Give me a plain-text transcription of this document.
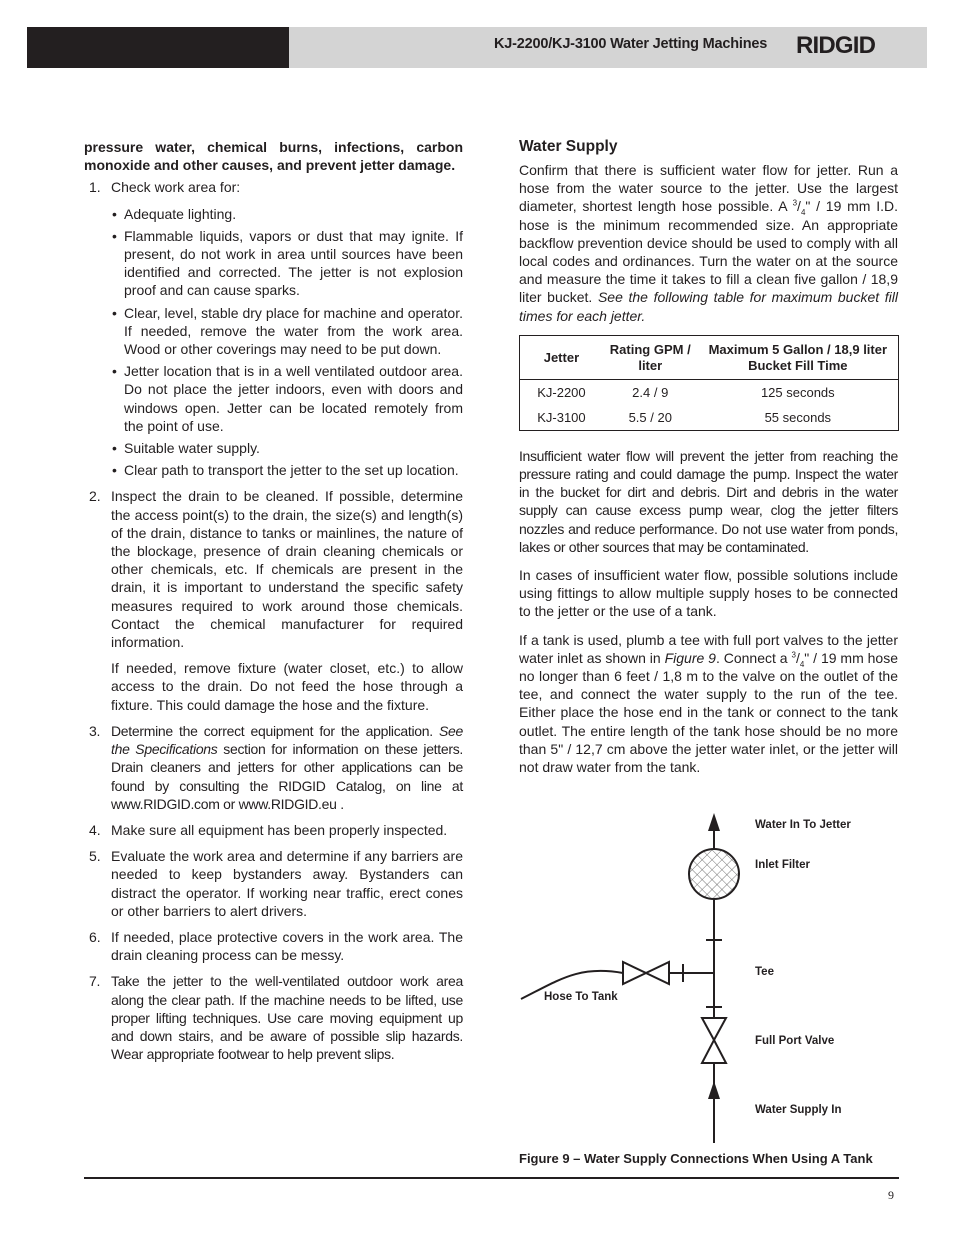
KJ-2200/KJ-3100 Water Jetting Machines RIDGID

pressure water, chemical burns, infections, carbon monoxide and other causes, and prevent jetter damage.

1. Check work area for:
• Adequate lighting.
• Flammable liquids, vapors or dust that may ignite. If present, do not work in area until sources have been identified and corrected. The jetter is not explosion proof and can cause sparks.
• Clear, level, stable dry place for machine and operator. If needed, remove the water from the work area. Wood or other coverings may need to be put down.
• Jetter location that is in a well ventilated outdoor area. Do not place the jetter indoors, even with doors and windows open. Jetter can be located remotely from the point of use.
• Suitable water supply.
• Clear path to transport the jetter to the set up location.
2. Inspect the drain to be cleaned. If possible, determine the access point(s) to the drain, the size(s) and length(s) of the drain, distance to tanks or mainlines, the nature of the blockage, presence of drain cleaning chemicals or other chemicals, etc. If chemicals are present in the drain, it is important to understand the specific safety measures required to work around those chemicals. Contact the chemical manufacturer for required information.
If needed, remove fixture (water closet, etc.) to allow access to the drain. Do not feed the hose through a fixture. This could damage the hose and the fixture.
3. Determine the correct equipment for the application. See the Specifications section for information on these jetters. Drain cleaners and jetters for other applications can be found by consulting the RIDGID Catalog, on line at www.RIDGID.com or www.RIDGID.eu .
4. Make sure all equipment has been properly inspected.
5. Evaluate the work area and determine if any barriers are needed to keep bystanders away. Bystanders can distract the operator. If working near traffic, erect cones or other barriers to alert drivers.
6. If needed, place protective covers in the work area. The drain cleaning process can be messy.
7. Take the jetter to the well-ventilated outdoor work area along the clear path. If the machine needs to be lifted, use proper lifting techniques. Use care moving equipment up and down stairs, and be aware of possible slip hazards. Wear appropriate footwear to help prevent slips.
Water Supply

Confirm that there is sufficient water flow for jetter. Run a hose from the water source to the jetter. Use the largest diameter, shortest length hose possible. A $^3/_4$" / 19 mm I.D. hose is the minimum recommended size. An appropriate backflow prevention device should be used to comply with all local codes and ordinances. Turn the water on at the source and measure the time it takes to fill a clean five gallon / 18,9 liter bucket. See the following table for maximum bucket fill times for each jetter.

Jetter	Rating GPM / liter	Maximum 5 Gallon / 18,9 liter Bucket Fill Time
KJ-2200	2.4 / 9	125 seconds
KJ-3100	5.5 / 20	55 seconds

Insufficient water flow will prevent the jetter from reaching the pressure rating and could damage the pump. Inspect the water in the bucket for dirt and debris. Dirt and debris in the water supply can cause excess pump wear, clog the jetter filters nozzles and reduce performance. Do not use water from ponds, lakes or other sources that may be contaminated.

In cases of insufficient water flow, possible solutions include using fittings to allow multiple supply hoses to be connected to the jetter or the use of a tank.

If a tank is used, plumb a tee with full port valves to the jetter water inlet as shown in Figure 9. Connect a $^3/_4$" / 19 mm hose no longer than 6 feet / 1,8 m to the valve on the outlet of the tee, and connect the water supply to the run of the tee. Either place the hose end in the tank or connect to the tank outlet. The entire length of the tank hose should be no more than 5" / 12,7 cm above the jetter water inlet, or the jetter will not draw water from the tank.

Water In To Jetter
Inlet Filter
Tee
Hose To Tank
Full Port Valve
Water Supply In
Figure 9 – Water Supply Connections When Using A Tank
9
